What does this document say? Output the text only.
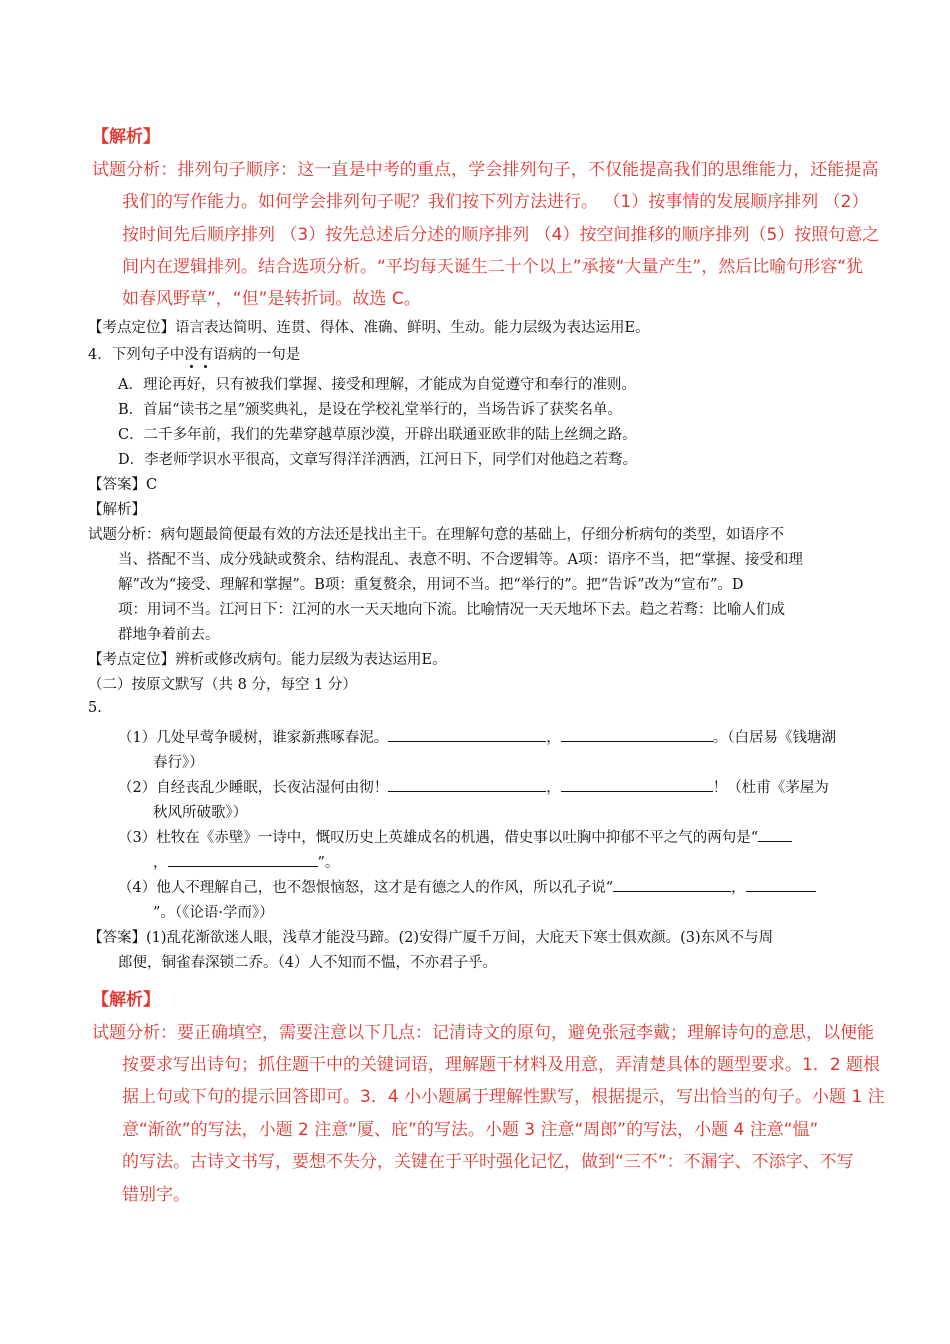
【解析】
试题分析：排列句子顺序：这一直是中考的重点，学会排列句子，不仅能提高我们的思维能力，还能提高
我们的写作能力。如何学会排列句子呢？我们按下列方法进行。 （1）按事情的发展顺序排列 （2）
按时间先后顺序排列 （3）按先总述后分述的顺序排列 （4）按空间推移的顺序排列（5）按照句意之
间内在逻辑排列。结合选项分析。“平均每天诞生二十个以上”承接“大量产生”，然后比喻句形容“犹
如春风野草”，“但”是转折词。故选 C。
【考点定位】语言表达简明、连贯、得体、准确、鲜明、生动。能力层级为表达运用E。
4．下列句子中没有语病的一句是
A．理论再好，只有被我们掌握、接受和理解，才能成为自觉遵守和奉行的准则。
B．首届“读书之星”颁奖典礼，是设在学校礼堂举行的，当场告诉了获奖名单。
C．二千多年前，我们的先辈穿越草原沙漠，开辟出联通亚欧非的陆上丝绸之路。
D．李老师学识水平很高，文章写得洋洋洒洒，江河日下，同学们对他趋之若骛。
【答案】C
【解析】
试题分析：病句题最简便最有效的方法还是找出主干。在理解句意的基础上，仔细分析病句的类型，如语序不
当、搭配不当、成分残缺或赘余、结构混乱、表意不明、不合逻辑等。A项：语序不当，把“掌握、接受和理
解”改为“接受、理解和掌握”。B项：重复赘余，用词不当。把“举行的”。把“告诉”改为“宣布”。D
项：用词不当。江河日下：江河的水一天天地向下流。比喻情况一天天地坏下去。趋之若骛：比喻人们成
群地争着前去。
【考点定位】辨析或修改病句。能力层级为表达运用E。
（二）按原文默写（共 8 分，每空 1 分）
5.
（1）几处早莺争暖树，谁家新燕啄春泥。	，	。（白居易《钱塘湖
春行》）
（2）自经丧乱少睡眠，长夜沾湿何由彻！	，	！（杜甫《茅屋为
秋风所破歌》）
（3）杜牧在《赤壁》一诗中，慨叹历史上英雄成名的机遇，借史事以吐胸中抑郁不平之气的两句是“
，	”。
（4）他人不理解自己，也不怨恨恼怒，这才是有德之人的作风，所以孔子说“	，
”。（《论语·学而》）
【答案】(1)乱花渐欲迷人眼，浅草才能没马蹄。(2)安得广厦千万间，大庇天下寒士俱欢颜。(3)东风不与周
郎便，铜雀春深锁二乔。（4）人不知而不愠，不亦君子乎。
【解析】
试题分析：要正确填空，需要注意以下几点：记清诗文的原句，避免张冠李戴；理解诗句的意思，以便能
按要求写出诗句；抓住题干中的关键词语，理解题干材料及用意，弄清楚具体的题型要求。1．2 题根
据上句或下句的提示回答即可。3．4 小小题属于理解性默写，根据提示，写出恰当的句子。小题 1 注
意“渐欲”的写法，小题 2 注意“厦、庇”的写法。小题 3 注意“周郎”的写法，小题 4 注意“愠”
的写法。古诗文书写，要想不失分，关键在于平时强化记忆，做到“三不”：不漏字、不添字、不写
错别字。
